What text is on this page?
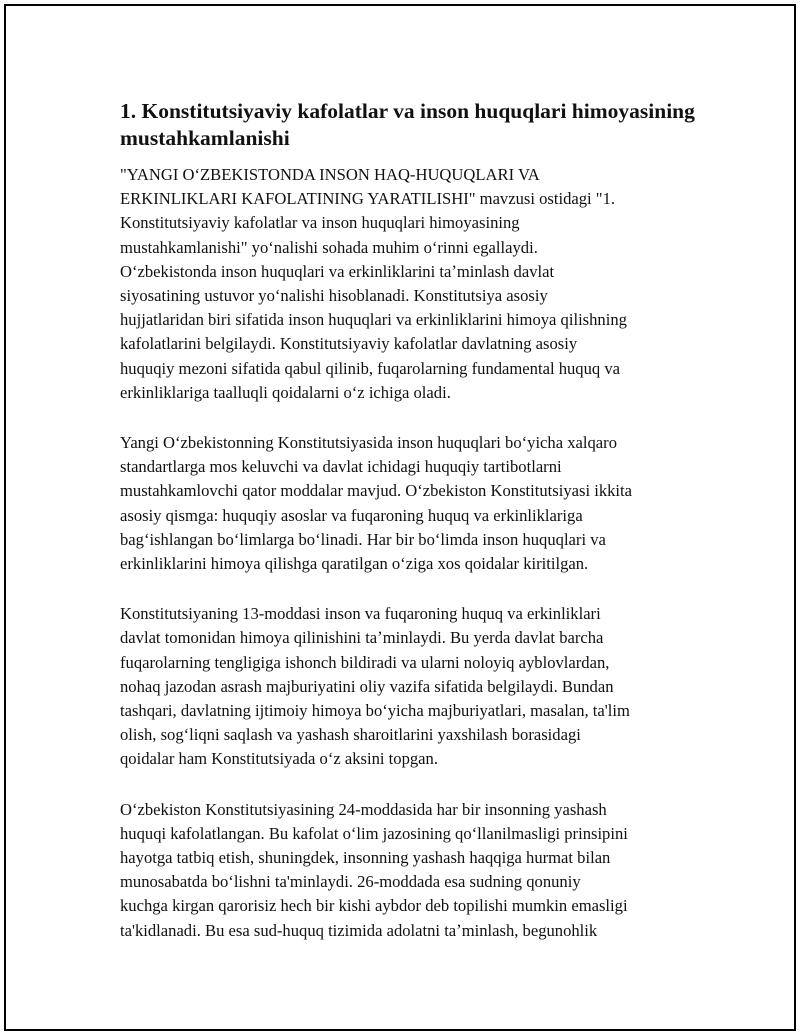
1. Konstitutsiyaviy kafolatlar va inson huquqlari himoyasining
mustahkamlanishi

"YANGI OʻZBEKISTONDA INSON HAQ-HUQUQLARI VA
ERKINLIKLARI KAFOLATINING YARATILISHI" mavzusi ostidagi "1.
Konstitutsiyaviy kafolatlar va inson huquqlari himoyasining
mustahkamlanishi" yoʻnalishi sohada muhim oʻrinni egallaydi.
Oʻzbekistonda inson huquqlari va erkinliklarini taʼminlash davlat
siyosatining ustuvor yoʻnalishi hisoblanadi. Konstitutsiya asosiy
hujjatlaridan biri sifatida inson huquqlari va erkinliklarini himoya qilishning
kafolatlarini belgilaydi. Konstitutsiyaviy kafolatlar davlatning asosiy
huquqiy mezoni sifatida qabul qilinib, fuqarolarning fundamental huquq va
erkinliklariga taalluqli qoidalarni oʻz ichiga oladi.

Yangi Oʻzbekistonning Konstitutsiyasida inson huquqlari boʻyicha xalqaro
standartlarga mos keluvchi va davlat ichidagi huquqiy tartibotlarni
mustahkamlovchi qator moddalar mavjud. Oʻzbekiston Konstitutsiyasi ikkita
asosiy qismga: huquqiy asoslar va fuqaroning huquq va erkinliklariga
bagʻishlangan boʻlimlarga boʻlinadi. Har bir boʻlimda inson huquqlari va
erkinliklarini himoya qilishga qaratilgan oʻziga xos qoidalar kiritilgan.

Konstitutsiyaning 13-moddasi inson va fuqaroning huquq va erkinliklari
davlat tomonidan himoya qilinishini taʼminlaydi. Bu yerda davlat barcha
fuqarolarning tengligiga ishonch bildiradi va ularni noloyiq ayblovlardan,
nohaq jazodan asrash majburiyatini oliy vazifa sifatida belgilaydi. Bundan
tashqari, davlatning ijtimoiy himoya boʻyicha majburiyatlari, masalan, ta'lim
olish, sogʻliqni saqlash va yashash sharoitlarini yaxshilash borasidagi
qoidalar ham Konstitutsiyada oʻz aksini topgan.

Oʻzbekiston Konstitutsiyasining 24-moddasida har bir insonning yashash
huquqi kafolatlangan. Bu kafolat oʻlim jazosining qoʻllanilmasligi prinsipini
hayotga tatbiq etish, shuningdek, insonning yashash haqqiga hurmat bilan
munosabatda boʻlishni ta'minlaydi. 26-moddada esa sudning qonuniy
kuchga kirgan qarorisiz hech bir kishi aybdor deb topilishi mumkin emasligi
ta'kidlanadi. Bu esa sud-huquq tizimida adolatni taʼminlash, begunohlik
